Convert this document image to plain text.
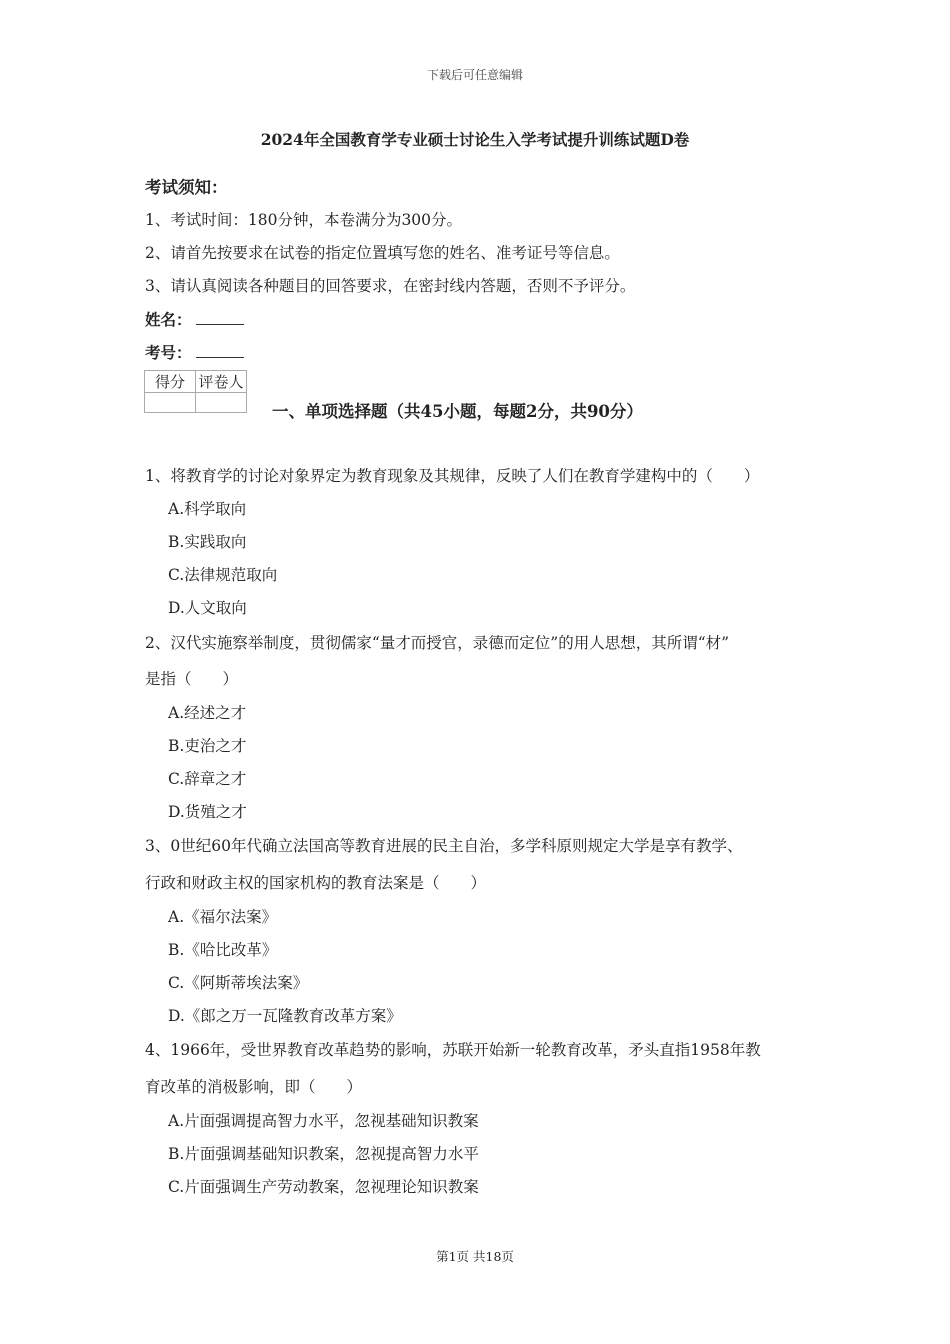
下载后可任意编辑
2024年全国教育学专业硕士讨论生入学考试提升训练试题D卷
考试须知：
1、考试时间：180分钟，本卷满分为300分。
2、请首先按要求在试卷的指定位置填写您的姓名、准考证号等信息。
3、请认真阅读各种题目的回答要求，在密封线内答题，否则不予评分。
姓名：
考号：
得分	评卷人

一、单项选择题（共45小题，每题2分，共90分）
1、将教育学的讨论对象界定为教育现象及其规律，反映了人们在教育学建构中的（　　）
A.科学取向
B.实践取向
C.法律规范取向
D.人文取向
2、汉代实施察举制度，贯彻儒家“量才而授官，录德而定位”的用人思想，其所谓“材”
是指（　　）
A.经述之才
B.吏治之才
C.辞章之才
D.货殖之才
3、0世纪60年代确立法国高等教育进展的民主自治，多学科原则规定大学是享有教学、
行政和财政主权的国家机构的教育法案是（　　）
A.《福尔法案》
B.《哈比改革》
C.《阿斯蒂埃法案》
D.《郎之万一瓦隆教育改革方案》
4、1966年，受世界教育改革趋势的影响，苏联开始新一轮教育改革，矛头直指1958年教
育改革的消极影响，即（　　）
A.片面强调提高智力水平，忽视基础知识教案
B.片面强调基础知识教案，忽视提高智力水平
C.片面强调生产劳动教案，忽视理论知识教案
第1页 共18页
